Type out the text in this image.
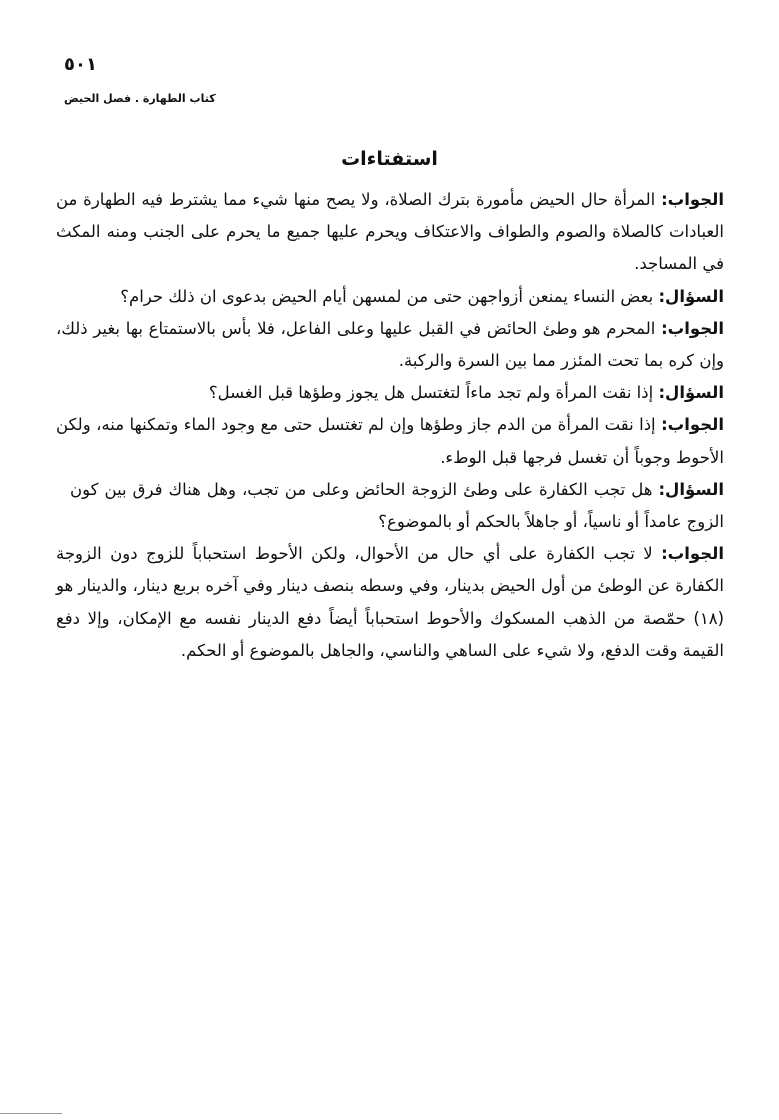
٥٠١
كتاب الطهارة . فصل الحيض
استفتاءات

الجواب: المرأة حال الحيض مأمورة بترك الصلاة، ولا يصح منها شيء مما يشترط فيه الطهارة من العبادات كالصلاة والصوم والطواف والاعتكاف ويحرم عليها جميع ما يحرم على الجنب ومنه المكث في المساجد.

السؤال: بعض النساء يمنعن أزواجهن حتى من لمسهن أيام الحيض بدعوى ان ذلك حرام؟

الجواب: المحرم هو وطئ الحائض في القبل عليها وعلى الفاعل، فلا بأس بالاستمتاع بها بغير ذلك، وإن كره بما تحت المئزر مما بين السرة والركبة.

السؤال: إذا نقت المرأة ولم تجد ماءاً لتغتسل هل يجوز وطؤها قبل الغسل؟

الجواب: إذا نقت المرأة من الدم جاز وطؤها وإن لم تغتسل حتى مع وجود الماء وتمكنها منه، ولكن الأحوط وجوباً أن تغسل فرجها قبل الوطء.

السؤال: هل تجب الكفارة على وطئ الزوجة الحائض وعلى من تجب، وهل هناك فرق بين كون الزوج عامداً أو ناسياً، أو جاهلاً بالحكم أو بالموضوع؟

الجواب: لا تجب الكفارة على أي حال من الأحوال، ولكن الأحوط استحباباً للزوج دون الزوجة الكفارة عن الوطئ من أول الحيض بدينار، وفي وسطه بنصف دينار وفي آخره بربع دينار، والدينار هو (١٨) حمّصة من الذهب المسكوك والأحوط استحباباً أيضاً دفع الدينار نفسه مع الإمكان، وإلا دفع القيمة وقت الدفع، ولا شيء على الساهي والناسي، والجاهل بالموضوع أو الحكم.
